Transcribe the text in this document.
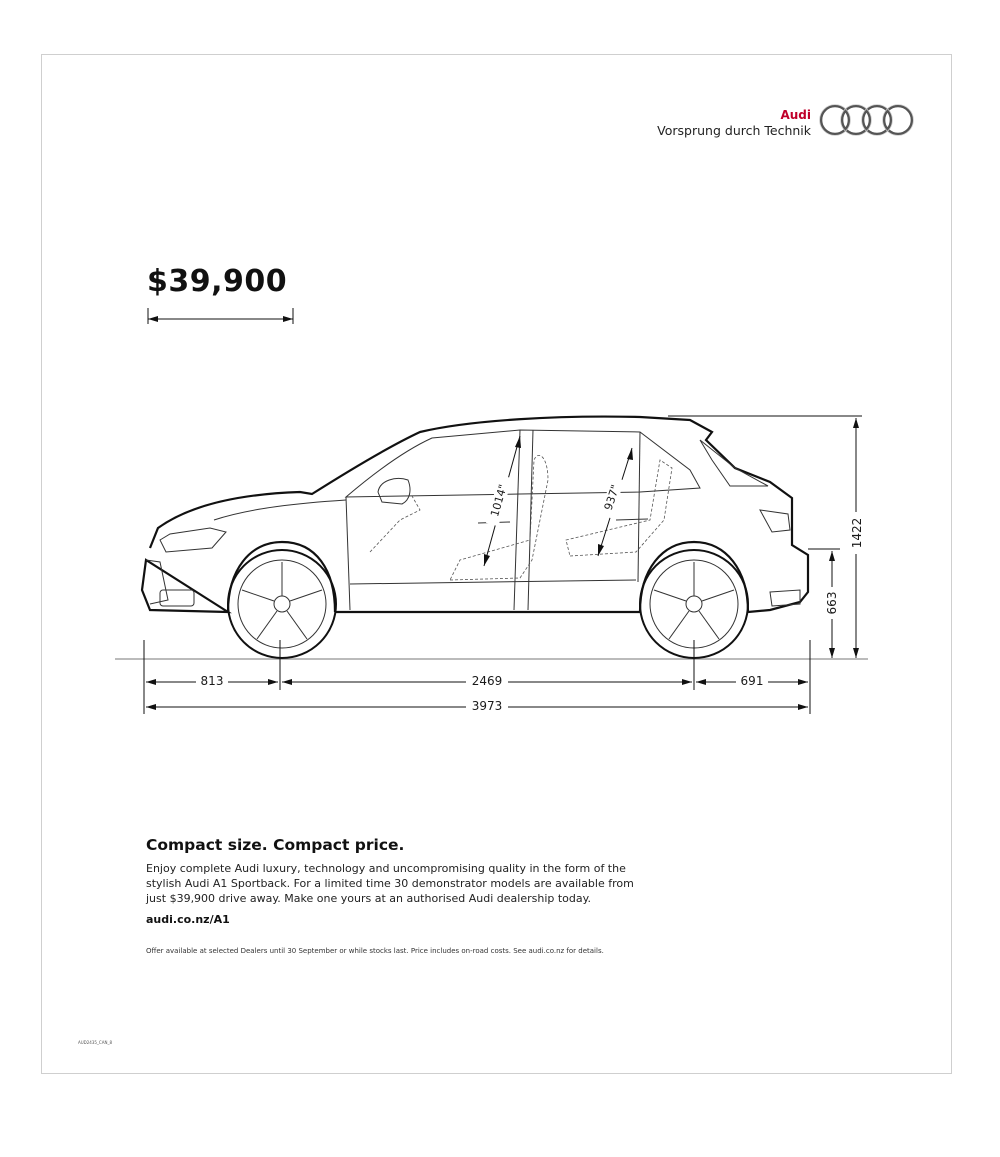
Audi
Vorsprung durch Technik
$39,900
813	2469	691
3973
1422
663
1014"	937"
Compact size. Compact price.

Enjoy complete Audi luxury, technology and uncompromising quality in the form of the stylish Audi A1 Sportback. For a limited time 30 demonstrator models are available from just $39,900 drive away. Make one yours at an authorised Audi dealership today.

audi.co.nz/A1
Offer available at selected Dealers until 30 September or while stocks last. Price includes on-road costs. See audi.co.nz for details.
AUD2435_CAN_8
